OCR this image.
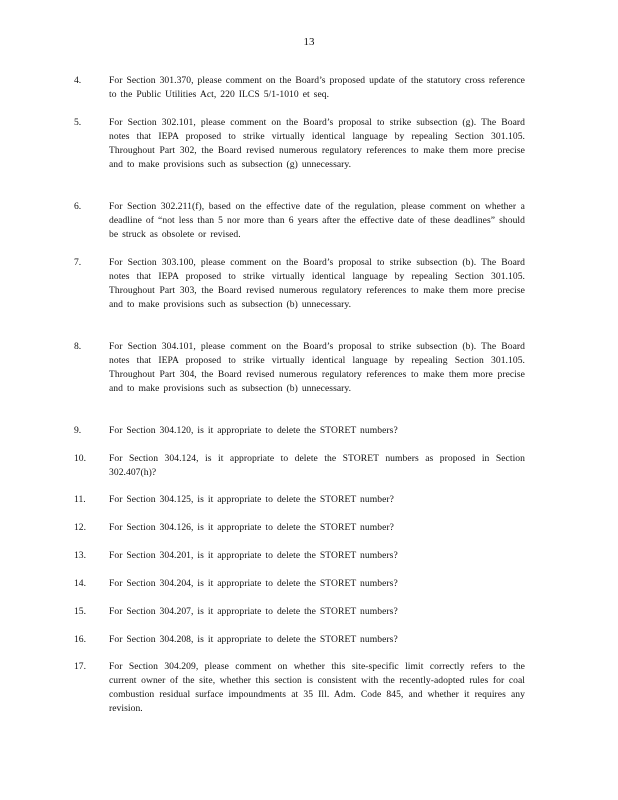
13
4.	For Section 301.370, please comment on the Board’s proposed update of the statutory cross reference to the Public Utilities Act, 220 ILCS 5/1-1010 et seq.
5.	For Section 302.101, please comment on the Board’s proposal to strike subsection (g). The Board notes that IEPA proposed to strike virtually identical language by repealing Section 301.105. Throughout Part 302, the Board revised numerous regulatory references to make them more precise and to make provisions such as subsection (g) unnecessary.
6.	For Section 302.211(f), based on the effective date of the regulation, please comment on whether a deadline of “not less than 5 nor more than 6 years after the effective date of these deadlines” should be struck as obsolete or revised.
7.	For Section 303.100, please comment on the Board’s proposal to strike subsection (b). The Board notes that IEPA proposed to strike virtually identical language by repealing Section 301.105. Throughout Part 303, the Board revised numerous regulatory references to make them more precise and to make provisions such as subsection (b) unnecessary.
8.	For Section 304.101, please comment on the Board’s proposal to strike subsection (b). The Board notes that IEPA proposed to strike virtually identical language by repealing Section 301.105. Throughout Part 304, the Board revised numerous regulatory references to make them more precise and to make provisions such as subsection (b) unnecessary.
9.	For Section 304.120, is it appropriate to delete the STORET numbers?
10.	For Section 304.124, is it appropriate to delete the STORET numbers as proposed in Section 302.407(h)?
11.	For Section 304.125, is it appropriate to delete the STORET number?
12.	For Section 304.126, is it appropriate to delete the STORET number?
13.	For Section 304.201, is it appropriate to delete the STORET numbers?
14.	For Section 304.204, is it appropriate to delete the STORET numbers?
15.	For Section 304.207, is it appropriate to delete the STORET numbers?
16.	For Section 304.208, is it appropriate to delete the STORET numbers?
17.	For Section 304.209, please comment on whether this site-specific limit correctly refers to the current owner of the site, whether this section is consistent with the recently-adopted rules for coal combustion residual surface impoundments at 35 Ill. Adm. Code 845, and whether it requires any revision.
